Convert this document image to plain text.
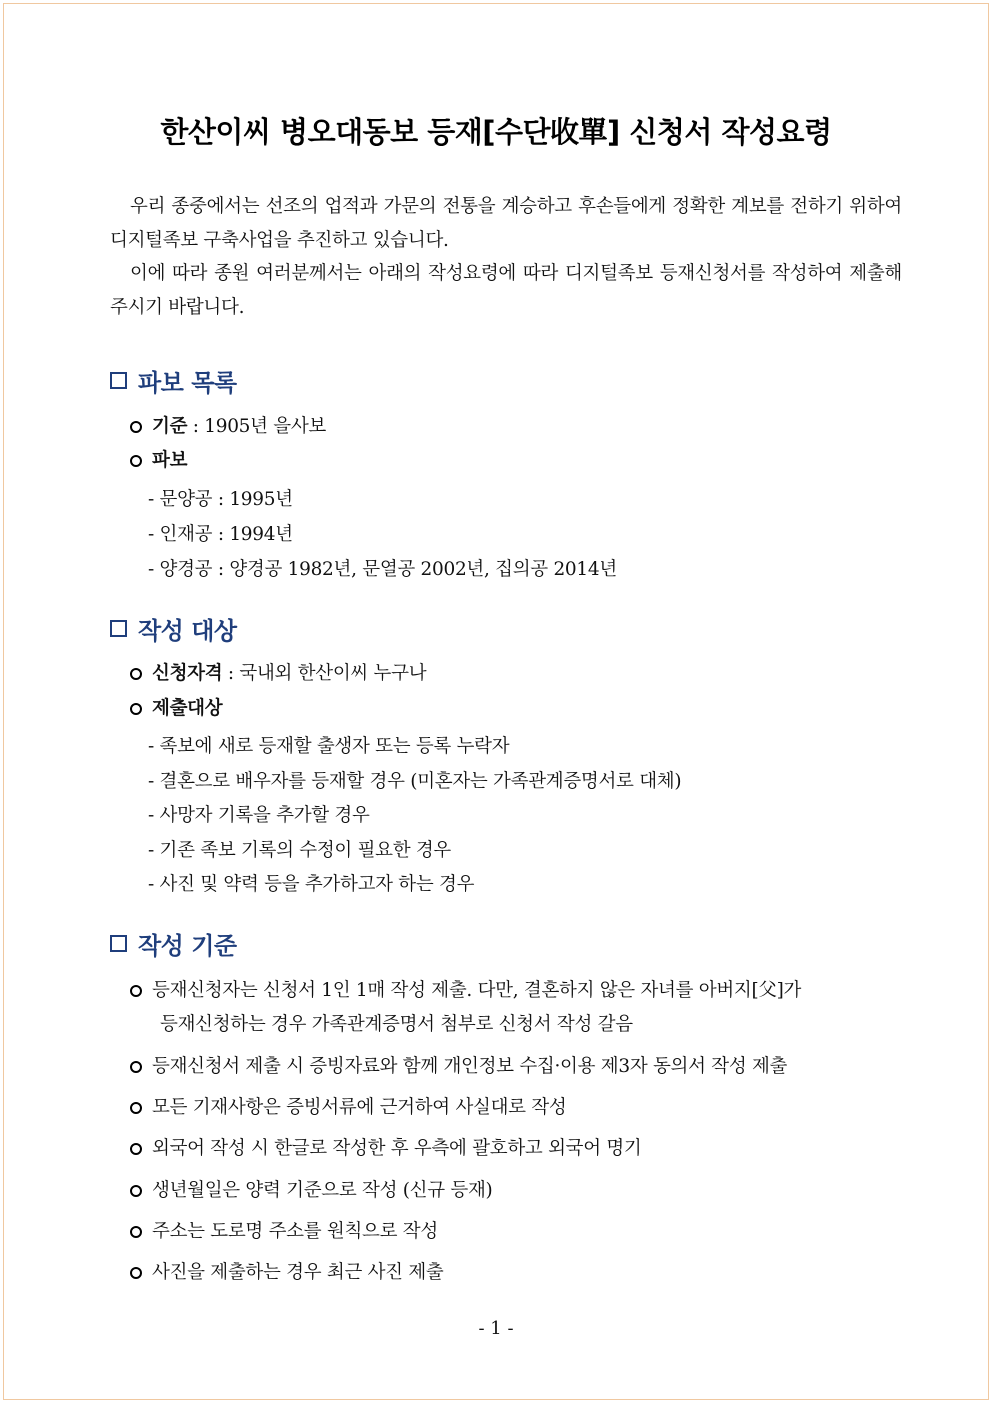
한산이씨 병오대동보 등재[수단收單] 신청서 작성요령

우리 종중에서는 선조의 업적과 가문의 전통을 계승하고 후손들에게 정확한 계보를 전하기 위하여 디지털족보 구축사업을 추진하고 있습니다.

이에 따라 종원 여러분께서는 아래의 작성요령에 따라 디지털족보 등재신청서를 작성하여 제출해 주시기 바랍니다.

파보 목록
기준 : 1905년 을사보
파보
- 문양공 : 1995년
- 인재공 : 1994년
- 양경공 : 양경공 1982년, 문열공 2002년, 집의공 2014년
작성 대상
신청자격 : 국내외 한산이씨 누구나
제출대상
- 족보에 새로 등재할 출생자 또는 등록 누락자
- 결혼으로 배우자를 등재할 경우 (미혼자는 가족관계증명서로 대체)
- 사망자 기록을 추가할 경우
- 기존 족보 기록의 수정이 필요한 경우
- 사진 및 약력 등을 추가하고자 하는 경우
작성 기준
등재신청자는 신청서 1인 1매 작성 제출. 다만, 결혼하지 않은 자녀를 아버지[父]가
등재신청하는 경우 가족관계증명서 첨부로 신청서 작성 갈음
등재신청서 제출 시 증빙자료와 함께 개인정보 수집·이용 제3자 동의서 작성 제출
모든 기재사항은 증빙서류에 근거하여 사실대로 작성
외국어 작성 시 한글로 작성한 후 우측에 괄호하고 외국어 명기
생년월일은 양력 기준으로 작성 (신규 등재)
주소는 도로명 주소를 원칙으로 작성
사진을 제출하는 경우 최근 사진 제출
- 1 -
